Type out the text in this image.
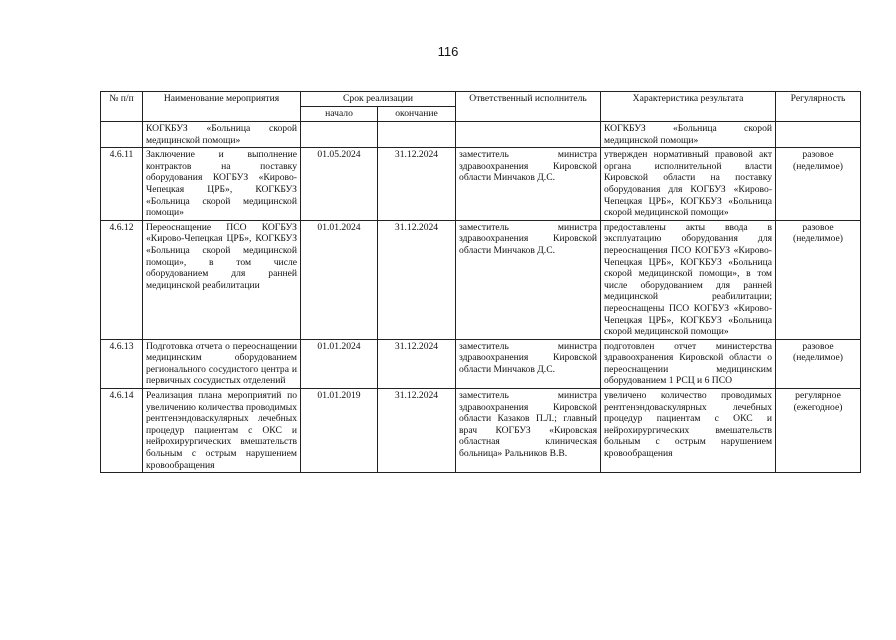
116
№ п/п	Наименование мероприятия	Срок реализации		Ответственный исполнитель	Характеристика результата	Регулярность
		начало	окончание			
	КОГКБУЗ «Больница скорой медицинской помощи»				КОГКБУЗ «Больница скорой медицинской помощи»	
4.6.11	Заключение и выполнение контрактов на поставку оборудования КОГБУЗ «Кирово-Чепецкая ЦРБ», КОГКБУЗ «Больница скорой медицинской помощи»	01.05.2024	31.12.2024	заместитель министра здравоохранения Кировской области Минчаков Д.С.	утвержден нормативный правовой акт органа исполнительной власти Кировской области на поставку оборудования для КОГБУЗ «Кирово-Чепецкая ЦРБ», КОГКБУЗ «Больница скорой медицинской помощи»	разовое (неделимое)
4.6.12	Переоснащение ПСО КОГБУЗ «Кирово-Чепецкая ЦРБ», КОГКБУЗ «Больница скорой медицинской помощи», в том числе оборудованием для ранней медицинской реабилитации	01.01.2024	31.12.2024	заместитель министра здравоохранения Кировской области Минчаков Д.С.	предоставлены акты ввода в эксплуатацию оборудования для переоснащения ПСО КОГБУЗ «Кирово-Чепецкая ЦРБ», КОГКБУЗ «Больница скорой медицинской помощи», в том числе оборудованием для ранней медицинской реабилитации; переоснащены ПСО КОГБУЗ «Кирово-Чепецкая ЦРБ», КОГКБУЗ «Больница скорой медицинской помощи»	разовое (неделимое)
4.6.13	Подготовка отчета о переоснащении медицинским оборудованием регионального сосудистого центра и первичных сосудистых отделений	01.01.2024	31.12.2024	заместитель министра здравоохранения Кировской области Минчаков Д.С.	подготовлен отчет министерства здравоохранения Кировской области о переоснащении медицинским оборудованием 1 РСЦ и 6 ПСО	разовое (неделимое)
4.6.14	Реализация плана мероприятий по увеличению количества проводимых рентгенэндоваскулярных лечебных процедур пациентам с ОКС и нейрохирургических вмешательств больным с острым нарушением кровообращения	01.01.2019	31.12.2024	заместитель министра здравоохранения Кировской области Казаков П.Л.; главный врач КОГБУЗ «Кировская областная клиническая больница» Ральников В.В.	увеличено количество проводимых рентгенэндоваскулярных лечебных процедур пациентам с ОКС и нейрохирургических вмешательств больным с острым нарушением кровообращения	регулярное (ежегодное)
